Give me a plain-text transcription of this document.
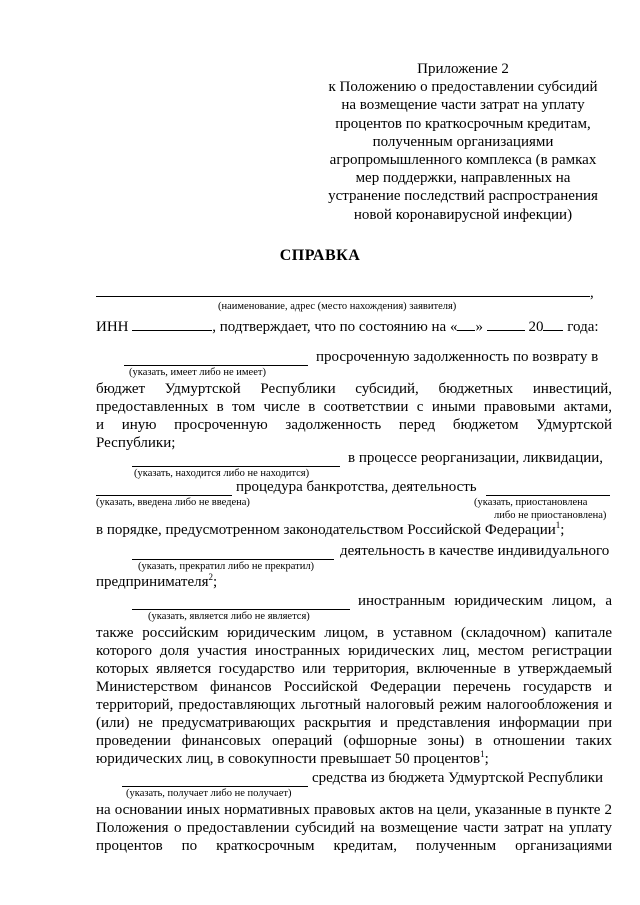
Приложение 2
к Положению о предоставлении субсидий
на возмещение части затрат на уплату
процентов по краткосрочным кредитам,
полученным организациями
агропромышленного комплекса (в рамках
мер поддержки, направленных на
устранение последствий распространения
новой коронавирусной инфекции)
СПРАВКА
,
(наименование, адрес (место нахождения) заявителя)
ИНН	, подтверждает, что по состоянию на « »	20 года:
просроченную задолженность по возврату в
(указать, имеет либо не имеет)
бюджет Удмуртской Республики субсидий, бюджетных инвестиций,
предоставленных в том числе в соответствии с иными правовыми актами,
и иную просроченную задолженность перед бюджетом Удмуртской
Республики;
в процессе реорганизации, ликвидации,
(указать, находится либо не находится)
процедура банкротства, деятельность
(указать, введена либо не введена)	(указать, приостановлена
либо не приостановлена)
в порядке, предусмотренном законодательством Российской Федерации$^1$;
деятельность в качестве индивидуального
(указать, прекратил либо не прекратил)
предпринимателя$^2$;
иностранным юридическим лицом, а
(указать, является либо не является)
также российским юридическим лицом, в уставном (складочном) капитале
которого доля участия иностранных юридических лиц, местом регистрации
которых является государство или территория, включенные в утверждаемый
Министерством финансов Российской Федерации перечень государств и
территорий, предоставляющих льготный налоговый режим налогообложения и
(или) не предусматривающих раскрытия и представления информации при
проведении финансовых операций (офшорные зоны) в отношении таких
юридических лиц, в совокупности превышает 50 процентов$^1$;
средства из бюджета Удмуртской Республики
(указать, получает либо не получает)
на основании иных нормативных правовых актов на цели, указанные в пункте 2
Положения о предоставлении субсидий на возмещение части затрат на уплату
процентов по краткосрочным кредитам, полученным организациями
